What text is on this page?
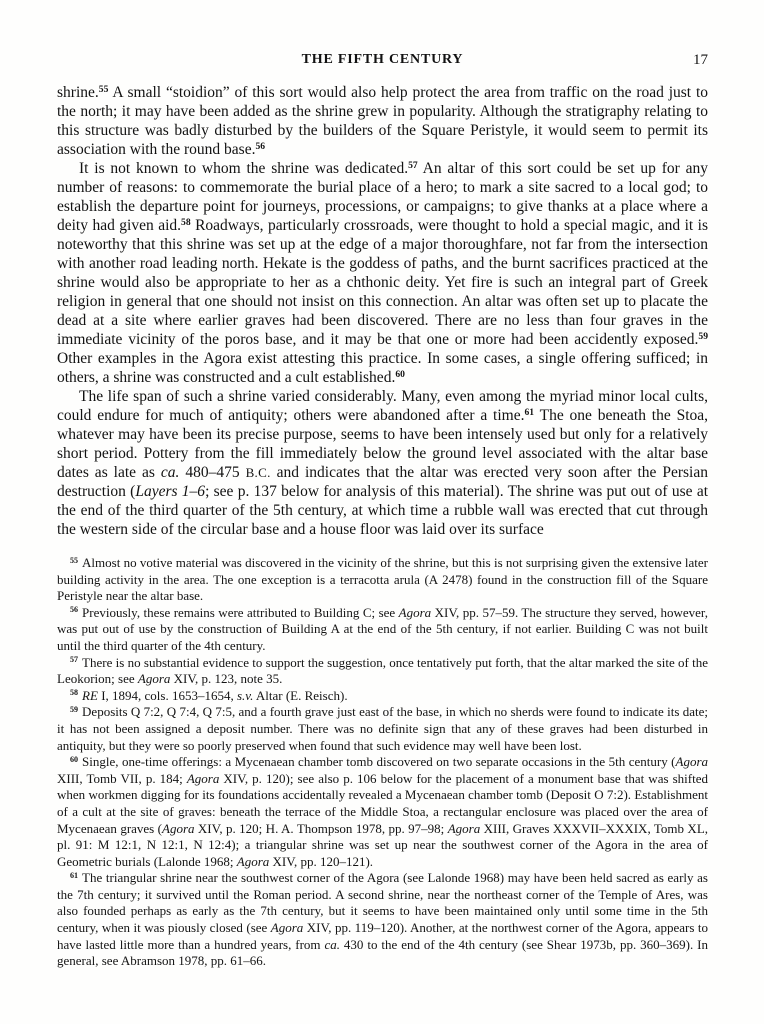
THE FIFTH CENTURY	17

shrine.$^{55}$ A small “stoidion” of this sort would also help protect the area from traffic on the road just to the north; it may have been added as the shrine grew in popularity. Although the stratigraphy relating to this structure was badly disturbed by the builders of the Square Peristyle, it would seem to permit its association with the round base.$^{56}$

It is not known to whom the shrine was dedicated.$^{57}$ An altar of this sort could be set up for any number of reasons: to commemorate the burial place of a hero; to mark a site sacred to a local god; to establish the departure point for journeys, processions, or campaigns; to give thanks at a place where a deity had given aid.$^{58}$ Roadways, particularly crossroads, were thought to hold a special magic, and it is noteworthy that this shrine was set up at the edge of a major thoroughfare, not far from the intersection with another road leading north. Hekate is the goddess of paths, and the burnt sacrifices practiced at the shrine would also be appropriate to her as a chthonic deity. Yet fire is such an integral part of Greek religion in general that one should not insist on this connection. An altar was often set up to placate the dead at a site where earlier graves had been discovered. There are no less than four graves in the immediate vicinity of the poros base, and it may be that one or more had been accidently exposed.$^{59}$ Other examples in the Agora exist attesting this practice. In some cases, a single offering sufficed; in others, a shrine was constructed and a cult established.$^{60}$

The life span of such a shrine varied considerably. Many, even among the myriad minor local cults, could endure for much of antiquity; others were abandoned after a time.$^{61}$ The one beneath the Stoa, whatever may have been its precise purpose, seems to have been intensely used but only for a relatively short period. Pottery from the fill immediately below the ground level associated with the altar base dates as late as ca. 480–475 B.C. and indicates that the altar was erected very soon after the Persian destruction (Layers 1–6; see p. 137 below for analysis of this material). The shrine was put out of use at the end of the third quarter of the 5th century, at which time a rubble wall was erected that cut through the western side of the circular base and a house floor was laid over its surface

$^{55}$ Almost no votive material was discovered in the vicinity of the shrine, but this is not surprising given the extensive later building activity in the area. The one exception is a terracotta arula (A 2478) found in the construction fill of the Square Peristyle near the altar base.

$^{56}$ Previously, these remains were attributed to Building C; see Agora XIV, pp. 57–59. The structure they served, however, was put out of use by the construction of Building A at the end of the 5th century, if not earlier. Building C was not built until the third quarter of the 4th century.

$^{57}$ There is no substantial evidence to support the suggestion, once tentatively put forth, that the altar marked the site of the Leokorion; see Agora XIV, p. 123, note 35.

$^{58}$ RE I, 1894, cols. 1653–1654, s.v. Altar (E. Reisch).

$^{59}$ Deposits Q 7:2, Q 7:4, Q 7:5, and a fourth grave just east of the base, in which no sherds were found to indicate its date; it has not been assigned a deposit number. There was no definite sign that any of these graves had been disturbed in antiquity, but they were so poorly preserved when found that such evidence may well have been lost.

$^{60}$ Single, one-time offerings: a Mycenaean chamber tomb discovered on two separate occasions in the 5th century (Agora XIII, Tomb VII, p. 184; Agora XIV, p. 120); see also p. 106 below for the placement of a monument base that was shifted when workmen digging for its foundations accidentally revealed a Mycenaean chamber tomb (Deposit O 7:2). Establishment of a cult at the site of graves: beneath the terrace of the Middle Stoa, a rectangular enclosure was placed over the area of Mycenaean graves (Agora XIV, p. 120; H. A. Thompson 1978, pp. 97–98; Agora XIII, Graves XXXVII–XXXIX, Tomb XL, pl. 91: M 12:1, N 12:1, N 12:4); a triangular shrine was set up near the southwest corner of the Agora in the area of Geometric burials (Lalonde 1968; Agora XIV, pp. 120–121).

$^{61}$ The triangular shrine near the southwest corner of the Agora (see Lalonde 1968) may have been held sacred as early as the 7th century; it survived until the Roman period. A second shrine, near the northeast corner of the Temple of Ares, was also founded perhaps as early as the 7th century, but it seems to have been maintained only until some time in the 5th century, when it was piously closed (see Agora XIV, pp. 119–120). Another, at the northwest corner of the Agora, appears to have lasted little more than a hundred years, from ca. 430 to the end of the 4th century (see Shear 1973b, pp. 360–369). In general, see Abramson 1978, pp. 61–66.
